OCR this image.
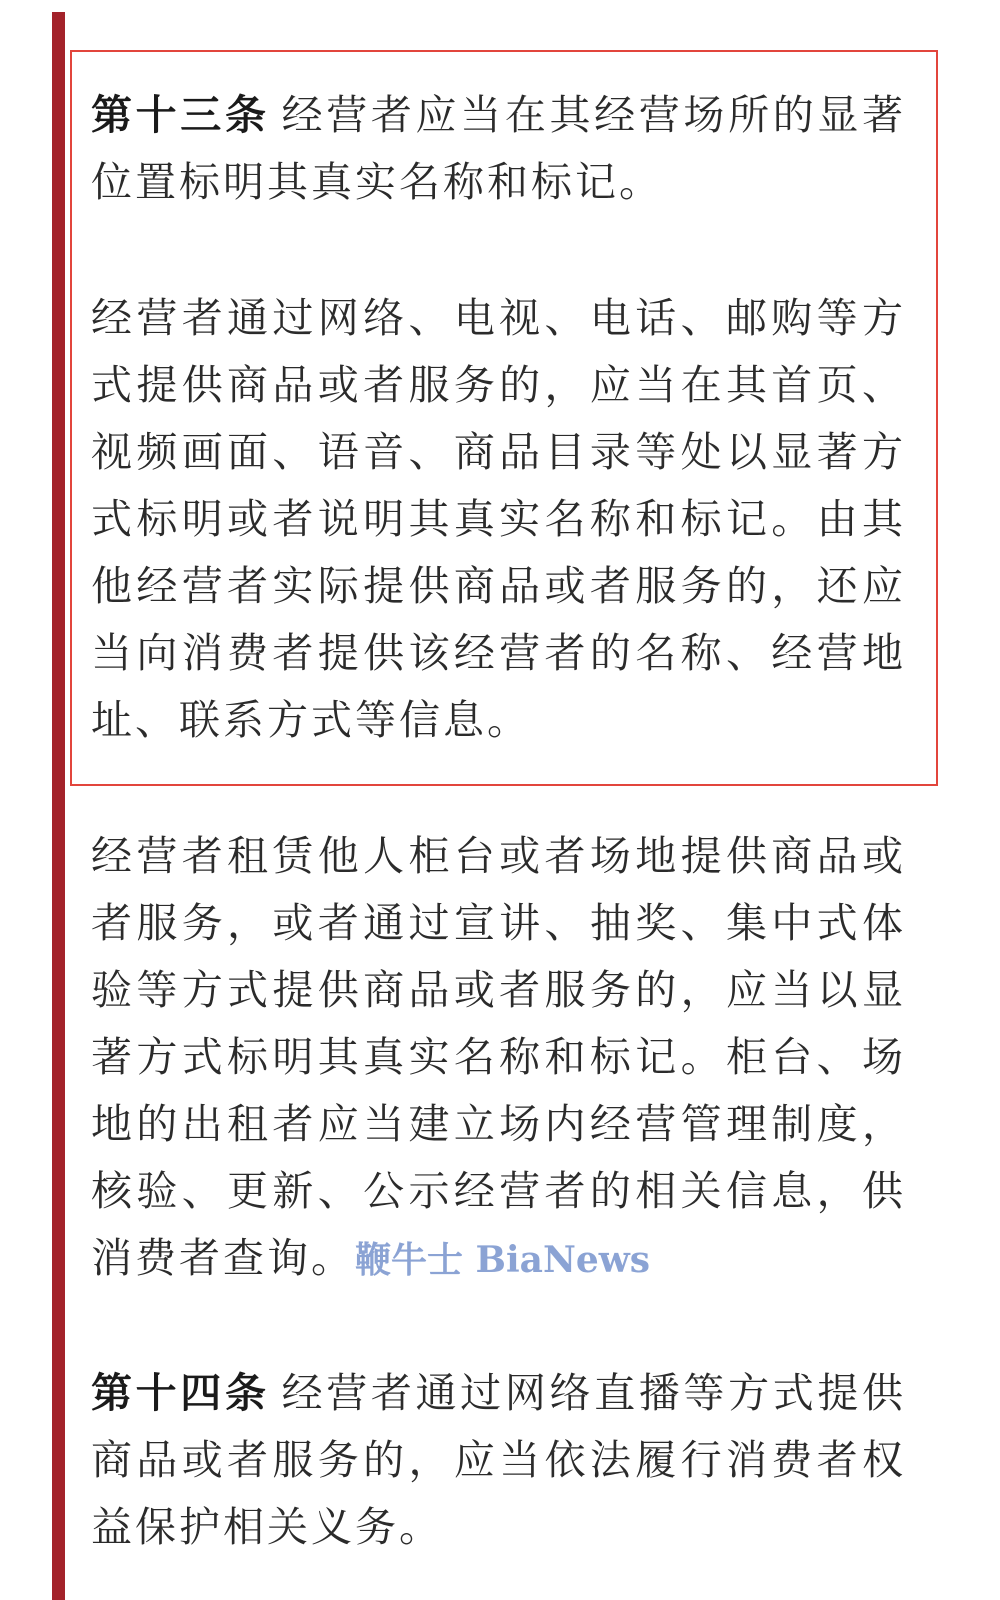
第十三条 经营者应当在其经营场所的显著位置标明其真实名称和标记。

经营者通过网络、电视、电话、邮购等方式提供商品或者服务的，应当在其首页、视频画面、语音、商品目录等处以显著方式标明或者说明其真实名称和标记。由其他经营者实际提供商品或者服务的，还应当向消费者提供该经营者的名称、经营地址、联系方式等信息。

经营者租赁他人柜台或者场地提供商品或者服务，或者通过宣讲、抽奖、集中式体验等方式提供商品或者服务的，应当以显著方式标明其真实名称和标记。柜台、场地的出租者应当建立场内经营管理制度，核验、更新、公示经营者的相关信息，供消费者查询。鞭牛士 BiaNews

第十四条 经营者通过网络直播等方式提供商品或者服务的，应当依法履行消费者权益保护相关义务。
